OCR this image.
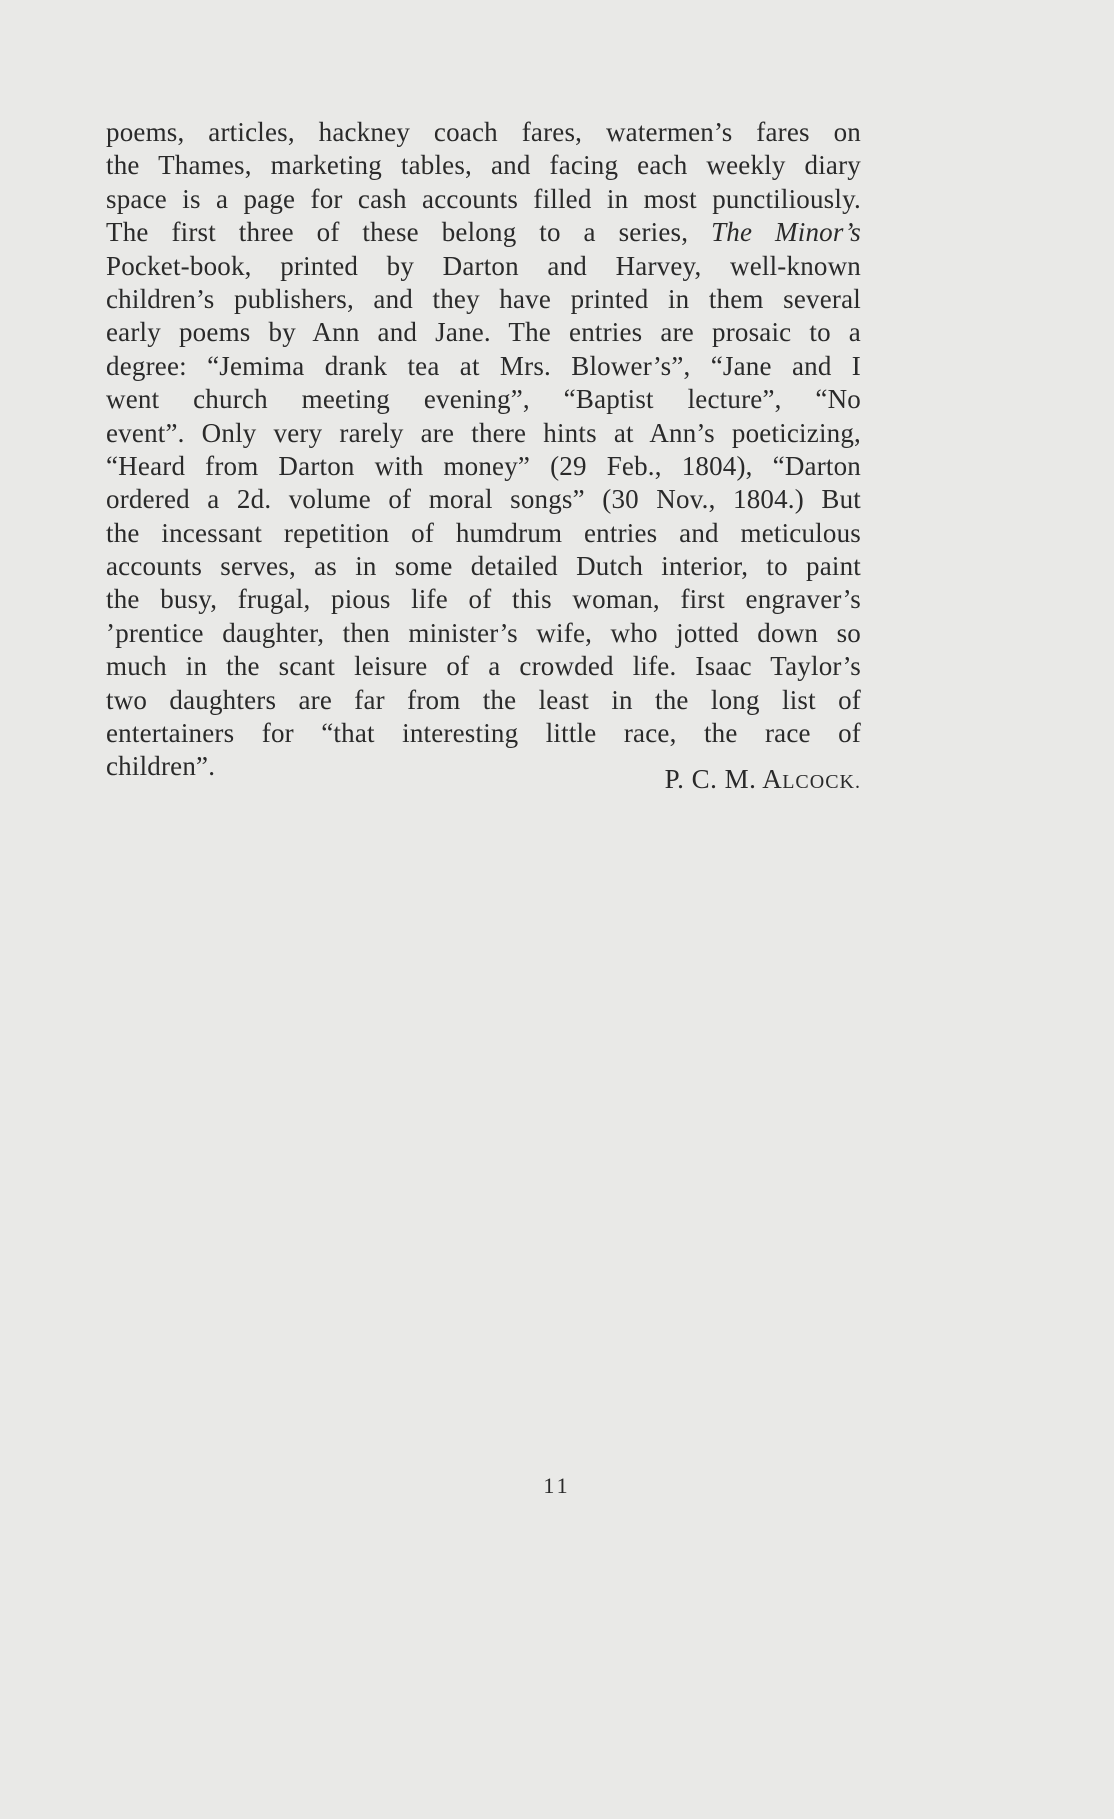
poems, articles, hackney coach fares, watermen’s fares on
the Thames, marketing tables, and facing each weekly diary
space is a page for cash accounts filled in most punctiliously.
The first three of these belong to a series, The Minor’s
Pocket-book, printed by Darton and Harvey, well-known
children’s publishers, and they have printed in them several
early poems by Ann and Jane. The entries are prosaic to a
degree: “Jemima drank tea at Mrs. Blower’s”, “Jane and I
went church meeting evening”, “Baptist lecture”, “No
event”. Only very rarely are there hints at Ann’s poeticizing,
“Heard from Darton with money” (29 Feb., 1804), “Darton
ordered a 2d. volume of moral songs” (30 Nov., 1804.) But
the incessant repetition of humdrum entries and meticulous
accounts serves, as in some detailed Dutch interior, to paint
the busy, frugal, pious life of this woman, first engraver’s
’prentice daughter, then minister’s wife, who jotted down so
much in the scant leisure of a crowded life. Isaac Taylor’s
two daughters are far from the least in the long list of
entertainers for “that interesting little race, the race of
children”.	P. C. M. ALCOCK.
11
